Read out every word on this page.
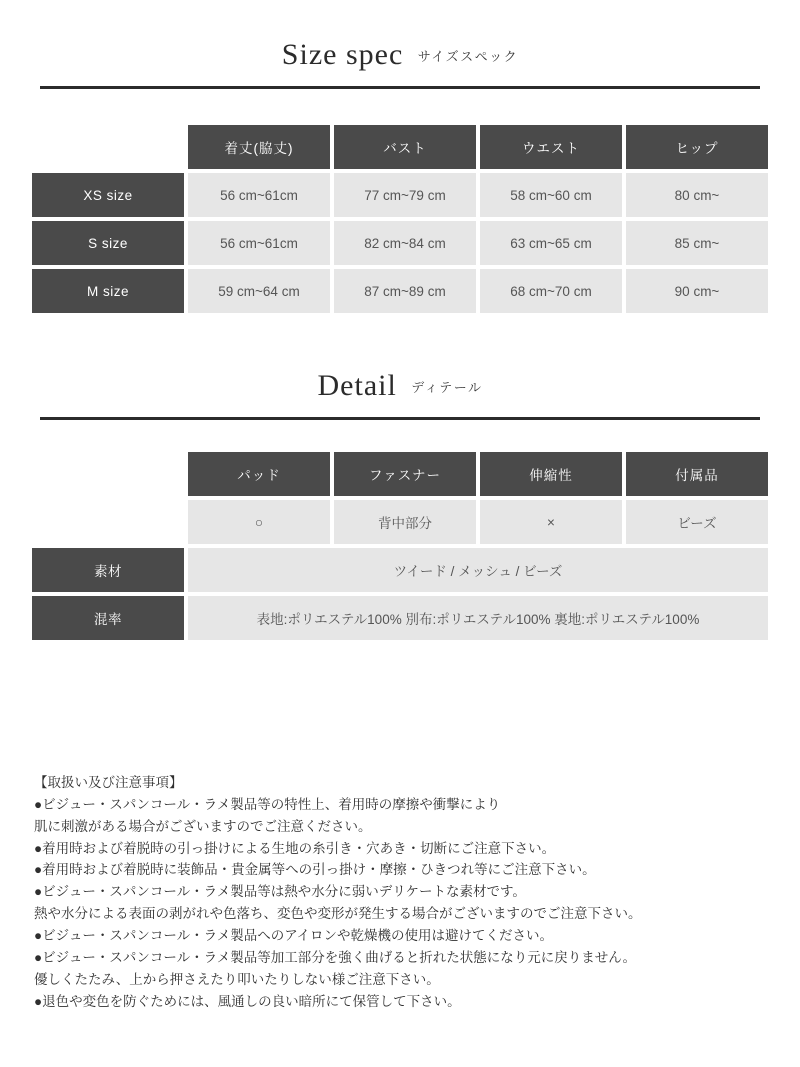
Size spec サイズスペック
	着丈(脇丈)	バスト	ウエスト	ヒップ
XS size	56 cm~61cm	77 cm~79 cm	58 cm~60 cm	80 cm~
S size	56 cm~61cm	82 cm~84 cm	63 cm~65 cm	85 cm~
M size	59 cm~64 cm	87 cm~89 cm	68 cm~70 cm	90 cm~
Detail ディテール
	パッド	ファスナー	伸縮性	付属品
	○	背中部分	×	ビーズ
素材	ツイード / メッシュ / ビーズ			
混率	表地:ポリエステル100% 別布:ポリエステル100% 裏地:ポリエステル100%			
【取扱い及び注意事項】
●ビジュー・スパンコール・ラメ製品等の特性上、着用時の摩擦や衝撃により
肌に刺激がある場合がございますのでご注意ください。
●着用時および着脱時の引っ掛けによる生地の糸引き・穴あき・切断にご注意下さい。
●着用時および着脱時に装飾品・貴金属等への引っ掛け・摩擦・ひきつれ等にご注意下さい。
●ビジュー・スパンコール・ラメ製品等は熱や水分に弱いデリケートな素材です。
熱や水分による表面の剥がれや色落ち、変色や変形が発生する場合がございますのでご注意下さい。
●ビジュー・スパンコール・ラメ製品へのアイロンや乾燥機の使用は避けてください。
●ビジュー・スパンコール・ラメ製品等加工部分を強く曲げると折れた状態になり元に戻りません。
優しくたたみ、上から押さえたり叩いたりしない様ご注意下さい。
●退色や変色を防ぐためには、風通しの良い暗所にて保管して下さい。
